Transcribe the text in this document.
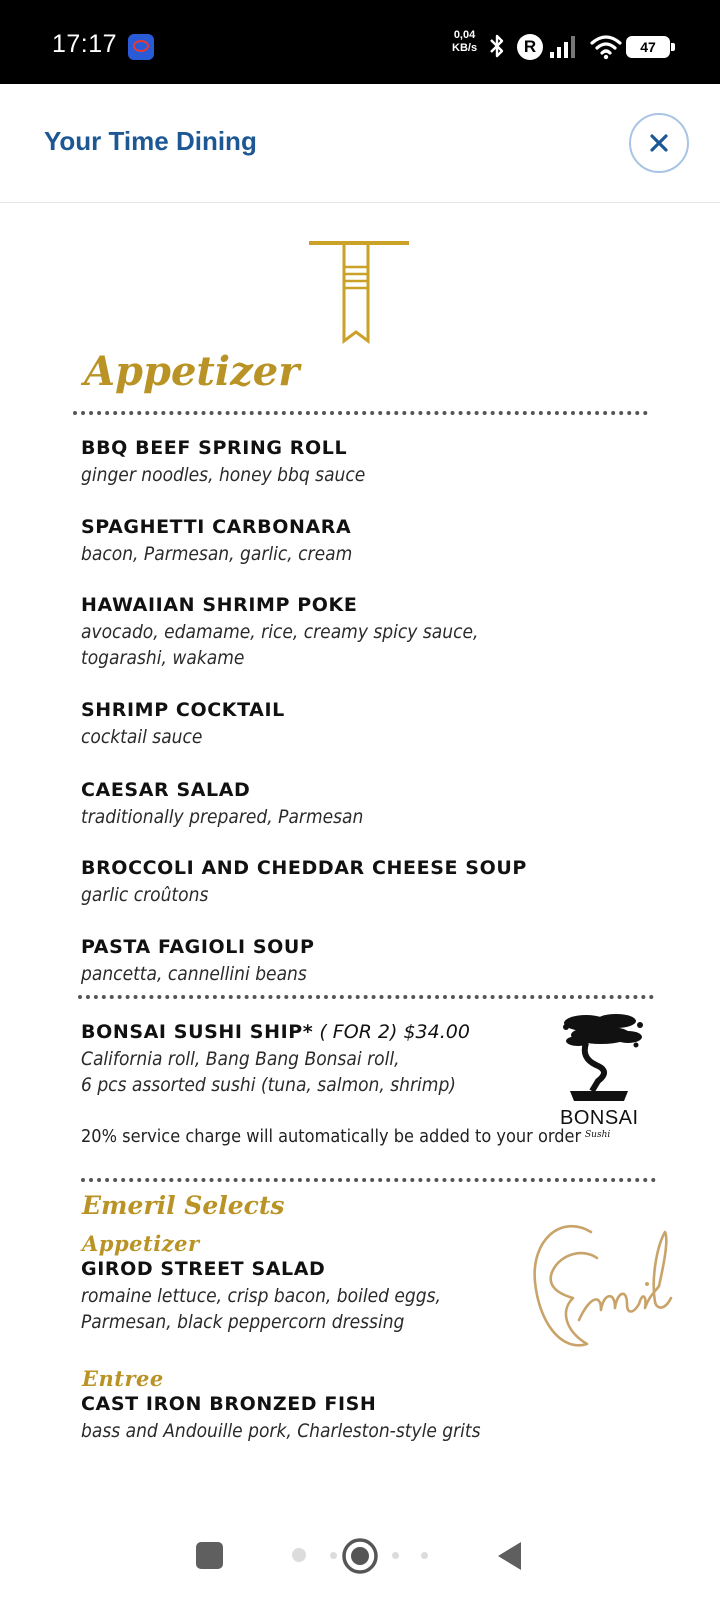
17:17	0,04
KB/s	R	47
Your Time Dining
Appetizer
BBQ BEEF SPRING ROLL
ginger noodles, honey bbq sauce
SPAGHETTI CARBONARA
bacon, Parmesan, garlic, cream
HAWAIIAN SHRIMP POKE
avocado, edamame, rice, creamy spicy sauce,
togarashi, wakame
SHRIMP COCKTAIL
cocktail sauce
CAESAR SALAD
traditionally prepared, Parmesan
BROCCOLI AND CHEDDAR CHEESE SOUP
garlic croûtons
PASTA FAGIOLI SOUP
pancetta, cannellini beans
BONSAI SUSHI SHIP* ( FOR 2) $34.00
California roll, Bang Bang Bonsai roll,
6 pcs assorted sushi (tuna, salmon, shrimp)
BONSAI
Sushi
20% service charge will automatically be added to your order
Emeril Selects
Appetizer
GIROD STREET SALAD
romaine lettuce, crisp bacon, boiled eggs,
Parmesan, black peppercorn dressing
Entree
CAST IRON BRONZED FISH
bass and Andouille pork, Charleston-style grits
